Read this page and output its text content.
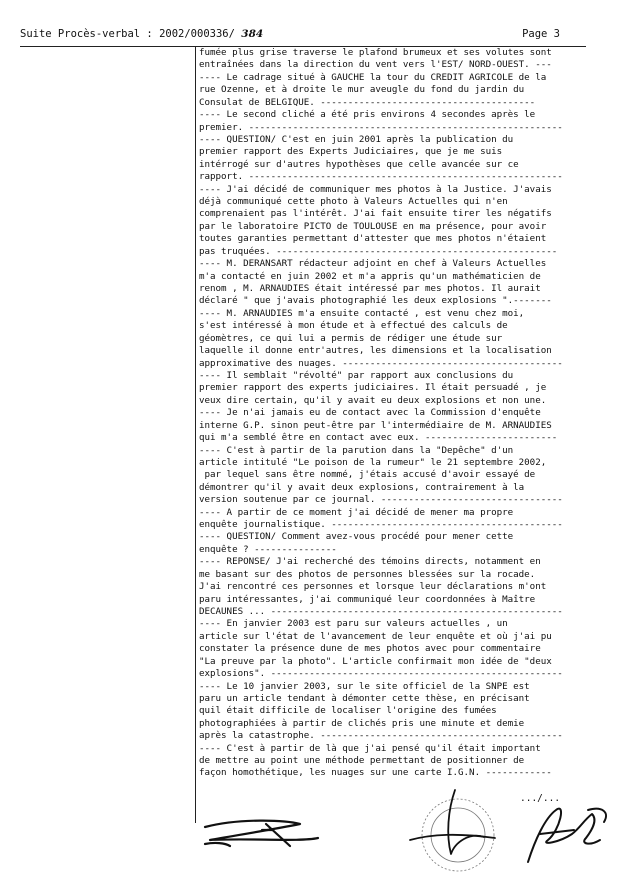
Suite Procès-verbal : 2002/000336/ 384	Page 3
fumée plus grise traverse le plafond brumeux et ses volutes sont
entraînées dans la direction du vent vers l'EST/ NORD-OUEST. ---
---- Le cadrage situé à GAUCHE la tour du CREDIT AGRICOLE de la
rue Ozenne, et à droite le mur aveugle du fond du jardin du
Consulat de BELGIQUE. ---------------------------------------
---- Le second cliché a été pris environs 4 secondes après le
premier. ---------------------------------------------------------
---- QUESTION/ C'est en juin 2001 après la publication du
premier rapport des Experts Judiciaires, que je me suis
intérrogé sur d'autres hypothèses que celle avancée sur ce
rapport. ---------------------------------------------------------
---- J'ai décidé de communiquer mes photos à la Justice. J'avais
déjà communiqué cette photo à Valeurs Actuelles qui n'en
comprenaient pas l'intérêt. J'ai fait ensuite tirer les négatifs
par le laboratoire PICTO de TOULOUSE en ma présence, pour avoir
toutes garanties permettant d'attester que mes photos n'étaient
pas truquées. ---------------------------------------------------
---- M. DERANSART rédacteur adjoint en chef à Valeurs Actuelles
m'a contacté en juin 2002 et m'a appris qu'un mathématicien de
renom , M. ARNAUDIES était intéressé par mes photos. Il aurait
déclaré " que j'avais photographié les deux explosions ".-------
---- M. ARNAUDIES m'a ensuite contacté , est venu chez moi,
s'est intéressé à mon étude et à effectué des calculs de
géomètres, ce qui lui a permis de rédiger une étude sur
laquelle il donne entr'autres, les dimensions et la localisation
approximative des nuages. ----------------------------------------
---- Il semblait "révolté" par rapport aux conclusions du
premier rapport des experts judiciaires. Il était persuadé , je
veux dire certain, qu'il y avait eu deux explosions et non une.
---- Je n'ai jamais eu de contact avec la Commission d'enquête
interne G.P. sinon peut-être par l'intermédiaire de M. ARNAUDIES
qui m'a semblé être en contact avec eux. ------------------------
---- C'est à partir de la parution dans la "Depêche" d'un
article intitulé "Le poison de la rumeur" le 21 septembre 2002,
par lequel sans être nommé, j'étais accusé d'avoir essayé de
démontrer qu'il y avait deux explosions, contrairement à la
version soutenue par ce journal. ---------------------------------
---- A partir de ce moment j'ai décidé de mener ma propre
enquête journalistique. ------------------------------------------
---- QUESTION/ Comment avez-vous procédé pour mener cette
enquête ? ---------------
---- REPONSE/ J'ai recherché des témoins directs, notamment en
me basant sur des photos de personnes blessées sur la rocade.
J'ai rencontré ces personnes et lorsque leur déclarations m'ont
paru intéressantes, j'ai communiqué leur coordonnées à Maître
DECAUNES ... -----------------------------------------------------
---- En janvier 2003 est paru sur valeurs actuelles , un
article sur l'état de l'avancement de leur enquête et où j'ai pu
constater la présence dune de mes photos avec pour commentaire
"La preuve par la photo". L'article confirmait mon idée de "deux
explosions". -----------------------------------------------------
---- Le 10 janvier 2003, sur le site officiel de la SNPE est
paru un article tendant à démonter cette thèse, en précisant
quil était difficile de localiser l'origine des fumées
photographiées à partir de clichés pris une minute et demie
après la catastrophe. --------------------------------------------
---- C'est à partir de là que j'ai pensé qu'il était important
de mettre au point une méthode permettant de positionner de
façon homothétique, les nuages sur une carte I.G.N. ------------
.../...
